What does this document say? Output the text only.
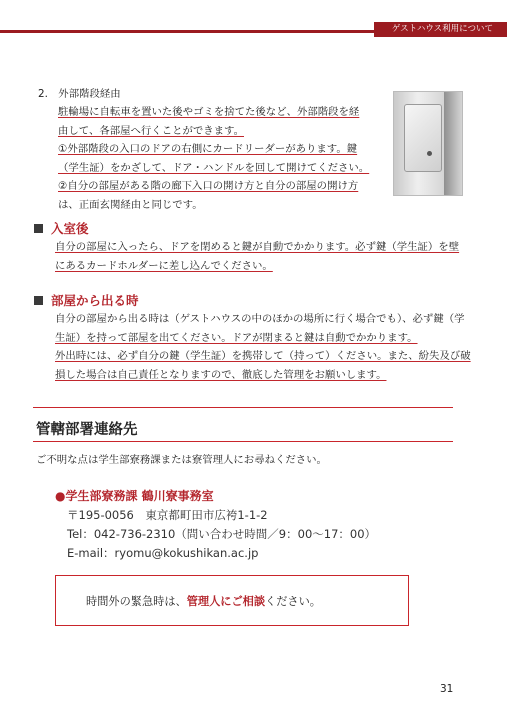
ゲストハウス利用について
2.　外部階段経由
駐輪場に自転車を置いた後やゴミを捨てた後など、外部階段を経
由して、各部屋へ行くことができます。
①外部階段の入口のドアの右側にカードリーダーがあります。鍵
（学生証）をかざして、ドア・ハンドルを回して開けてください。
②自分の部屋がある階の廊下入口の開け方と自分の部屋の開け方
は、正面玄関経由と同じです。
入室後
自分の部屋に入ったら、ドアを閉めると鍵が自動でかかります。必ず鍵（学生証）を壁
にあるカードホルダーに差し込んでください。
部屋から出る時
自分の部屋から出る時は（ゲストハウスの中のほかの場所に行く場合でも）、必ず鍵（学
生証）を持って部屋を出てください。ドアが閉まると鍵は自動でかかります。
外出時には、必ず自分の鍵（学生証）を携帯して（持って）ください。また、紛失及び破
損した場合は自己責任となりますので、徹底した管理をお願いします。
管轄部署連絡先
ご不明な点は学生部寮務課または寮管理人にお尋ねください。
●学生部寮務課 鶴川寮事務室
〒195-0056　東京都町田市広袴1-1-2
Tel：042-736-2310（問い合わせ時間／9：00～17：00）
E-mail：ryomu@kokushikan.ac.jp
時間外の緊急時は、管理人にご相談ください。
31
